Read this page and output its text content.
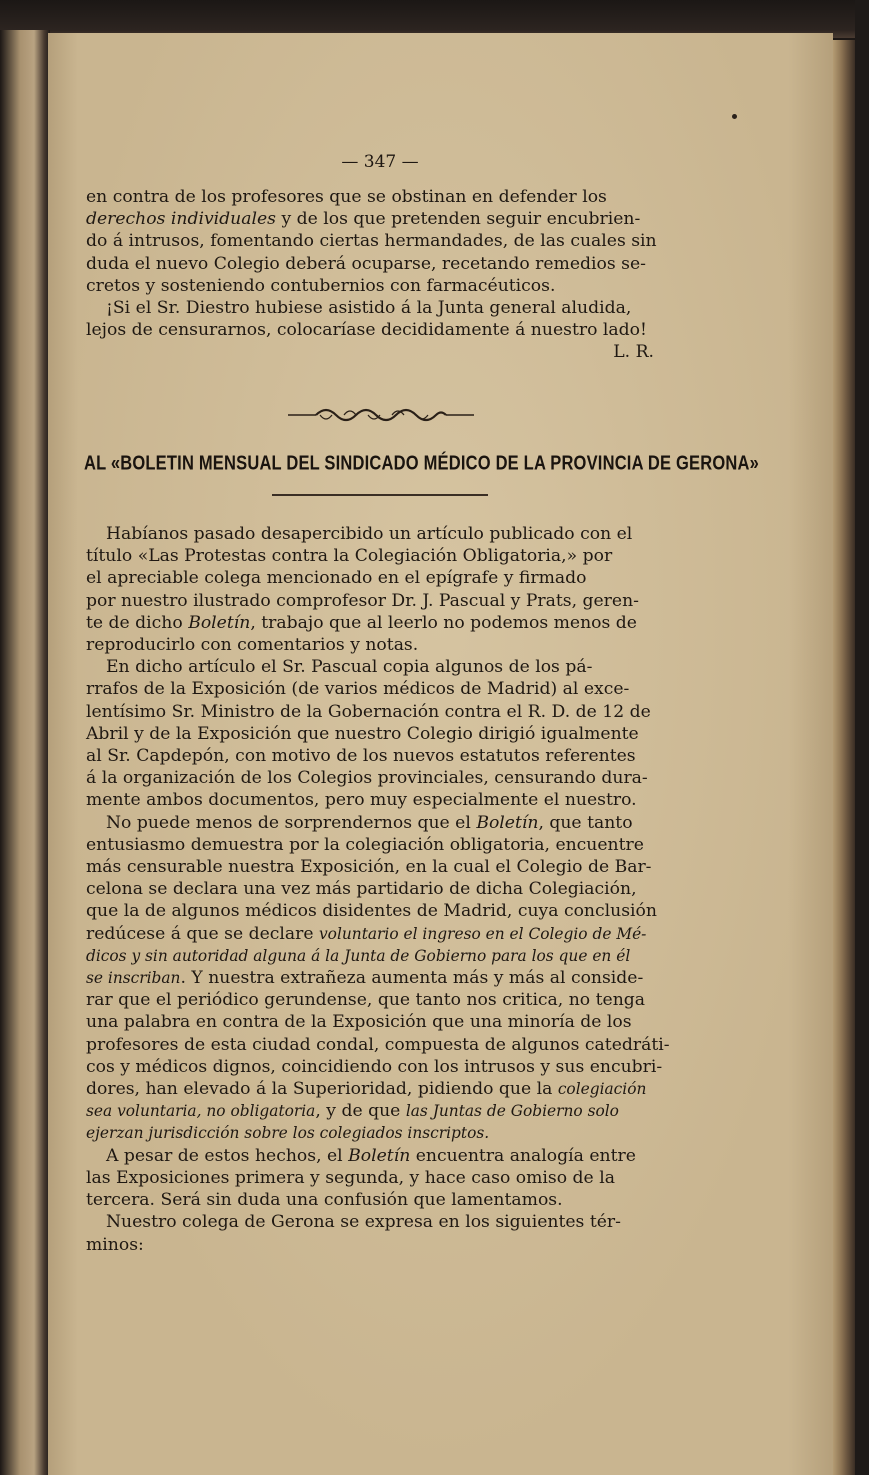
— 347 —

en contra de los profesores que se obstinan en defender los

derechos individuales y de los que pretenden seguir encubrien-

do á intrusos, fomentando ciertas hermandades, de las cuales sin

duda el nuevo Colegio deberá ocuparse, recetando remedios se-

cretos y sosteniendo contubernios con farmacéuticos.

¡Si el Sr. Diestro hubiese asistido á la Junta general aludida,

lejos de censurarnos, colocaríase decididamente á nuestro lado!

L. R.

AL «BOLETIN MENSUAL DEL SINDICADO MÉDICO DE LA PROVINCIA DE GERONA»

Habíanos pasado desapercibido un artículo publicado con el

título «Las Protestas contra la Colegiación Obligatoria,» por

el apreciable colega mencionado en el epígrafe y firmado

por nuestro ilustrado comprofesor Dr. J. Pascual y Prats, geren-

te de dicho Boletín, trabajo que al leerlo no podemos menos de

reproducirlo con comentarios y notas.

En dicho artículo el Sr. Pascual copia algunos de los pá-

rrafos de la Exposición (de varios médicos de Madrid) al exce-

lentísimo Sr. Ministro de la Gobernación contra el R. D. de 12 de

Abril y de la Exposición que nuestro Colegio dirigió igualmente

al Sr. Capdepón, con motivo de los nuevos estatutos referentes

á la organización de los Colegios provinciales, censurando dura-

mente ambos documentos, pero muy especialmente el nuestro.

No puede menos de sorprendernos que el Boletín, que tanto

entusiasmo demuestra por la colegiación obligatoria, encuentre

más censurable nuestra Exposición, en la cual el Colegio de Bar-

celona se declara una vez más partidario de dicha Colegiación,

que la de algunos médicos disidentes de Madrid, cuya conclusión

redúcese á que se declare voluntario el ingreso en el Colegio de Mé-

dicos y sin autoridad alguna á la Junta de Gobierno para los que en él

se inscriban. Y nuestra extrañeza aumenta más y más al conside-

rar que el periódico gerundense, que tanto nos critica, no tenga

una palabra en contra de la Exposición que una minoría de los

profesores de esta ciudad condal, compuesta de algunos catedráti-

cos y médicos dignos, coincidiendo con los intrusos y sus encubri-

dores, han elevado á la Superioridad, pidiendo que la colegiación

sea voluntaria, no obligatoria, y de que las Juntas de Gobierno solo

ejerzan jurisdicción sobre los colegiados inscriptos.

A pesar de estos hechos, el Boletín encuentra analogía entre

las Exposiciones primera y segunda, y hace caso omiso de la

tercera. Será sin duda una confusión que lamentamos.

Nuestro colega de Gerona se expresa en los siguientes tér-

minos:
